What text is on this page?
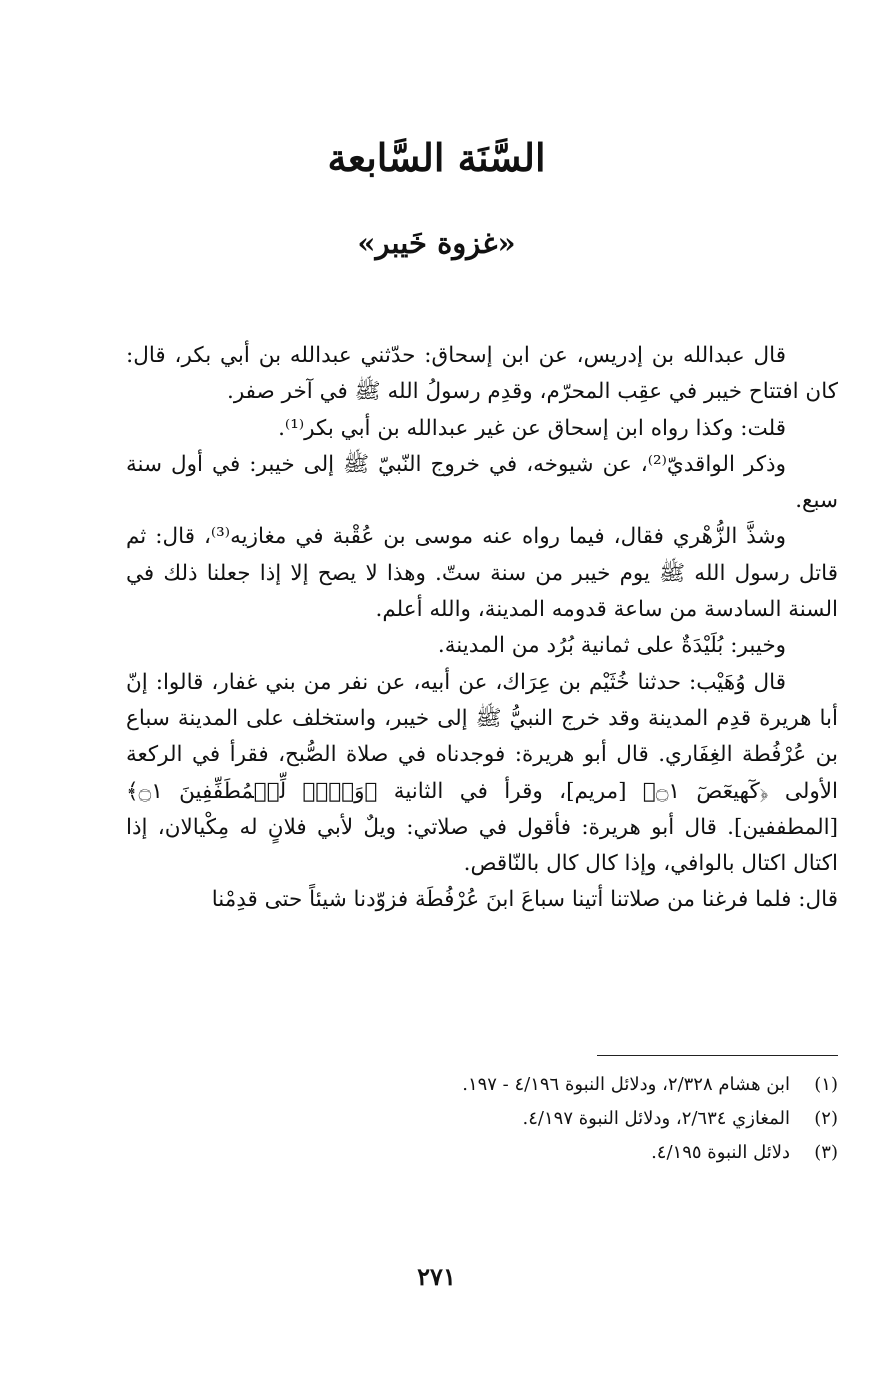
السَّنَة السَّابعة
«غزوة خَيبر»

قال عبدالله بن إدريس، عن ابن إسحاق: حدّثني عبدالله بن أبي بكر، قال: كان افتتاح خيبر في عقِب المحرّم، وقدِم رسولُ الله ﷺ في آخر صفر.

قلت: وكذا رواه ابن إسحاق عن غير عبدالله بن أبي بكر⁽¹⁾.

وذكر الواقديّ⁽²⁾، عن شيوخه، في خروج النّبيّ ﷺ إلى خيبر: في أول سنة سبع.

وشذَّ الزُّهْري فقال، فيما رواه عنه موسى بن عُقْبة في مغازيه⁽³⁾، قال: ثم قاتل رسول الله ﷺ يوم خيبر من سنة ستّ. وهذا لا يصح إلا إذا جعلنا ذلك في السنة السادسة من ساعة قدومه المدينة، والله أعلم.

وخيبر: بُلَيْدَةٌ على ثمانية بُرُد من المدينة.

قال وُهَيْب: حدثنا خُثَيْم بن عِرَاك، عن أبيه، عن نفر من بني غفار، قالوا: إنّ أبا هريرة قدِم المدينة وقد خرج النبيُّ ﷺ إلى خيبر، واستخلف على المدينة سباع بن عُرْفُطة الغِفَاري. قال أبو هريرة: فوجدناه في صلاة الصُّبح، فقرأ في الركعة الأولى ﴿كٓهيعٓصٓ ۝١﴾ [مريم]، وقرأ في الثانية ﴿وَيۡلٞ لِّلۡمُطَفِّفِينَ ۝١﴾ [المطففين]. قال أبو هريرة: فأقول في صلاتي: ويلٌ لأبي فلانٍ له مِكْيالان، إذا اكتال اكتال بالوافي، وإذا كال كال بالنّاقص.

قال: فلما فرغنا من صلاتنا أتينا سباعَ ابنَ عُرْفُطَة فزوّدنا شيئاً حتى قدِمْنا

(١)
ابن هشام ٢/٣٢٨، ودلائل النبوة ٤/١٩٦ - ١٩٧.
(٢)
المغازي ٢/٦٣٤، ودلائل النبوة ٤/١٩٧.
(٣)
دلائل النبوة ٤/١٩٥.
٢٧١
